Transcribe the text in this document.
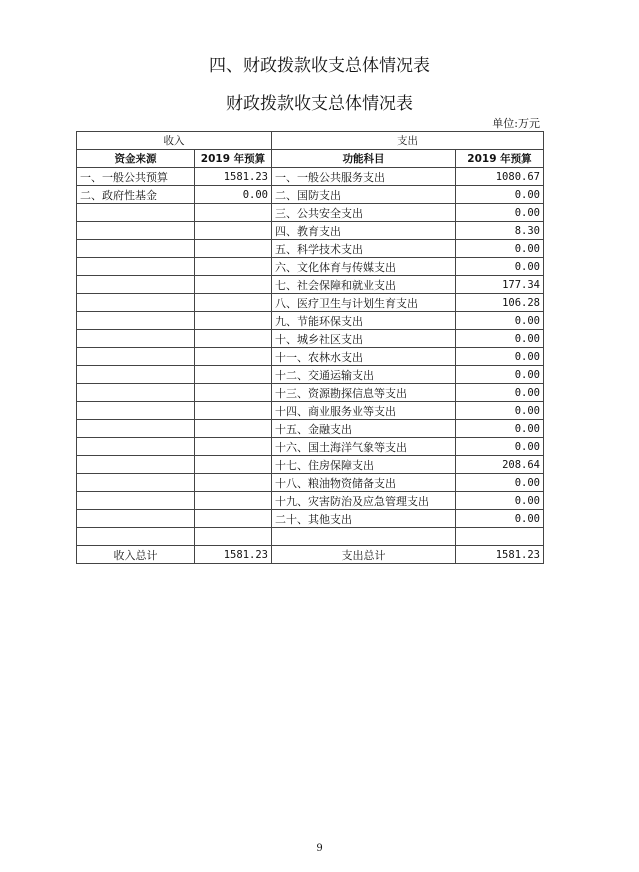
四、财政拨款收支总体情况表
财政拨款收支总体情况表
单位:万元
收入		支出	
资金来源	2019 年预算	功能科目	2019 年预算
一、一般公共预算	1581.23	一、一般公共服务支出	1080.67
二、政府性基金	0.00	二、国防支出	0.00
		三、公共安全支出	0.00
		四、教育支出	8.30
		五、科学技术支出	0.00
		六、文化体育与传媒支出	0.00
		七、社会保障和就业支出	177.34
		八、医疗卫生与计划生育支出	106.28
		九、节能环保支出	0.00
		十、城乡社区支出	0.00
		十一、农林水支出	0.00
		十二、交通运输支出	0.00
		十三、资源勘探信息等支出	0.00
		十四、商业服务业等支出	0.00
		十五、金融支出	0.00
		十六、国土海洋气象等支出	0.00
		十七、住房保障支出	208.64
		十八、粮油物资储备支出	0.00
		十九、灾害防治及应急管理支出	0.00
		二十、其他支出	0.00

收入总计	1581.23	支出总计	1581.23
9
